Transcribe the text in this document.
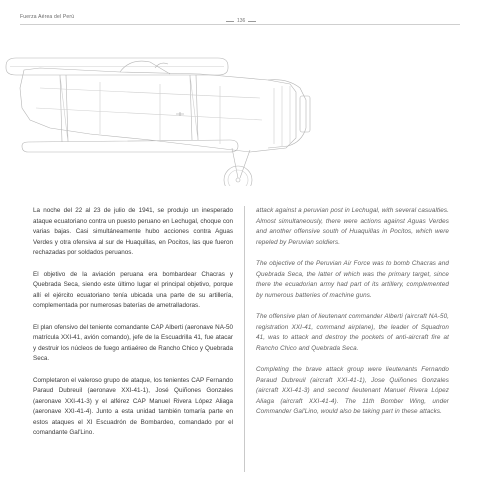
Fuerza Aérea del Perú
136

La noche del 22 al 23 de julio de 1941, se produjo un inesperado ataque ecuatoriano contra un puesto peruano en Lechugal, choque con varias bajas. Casi simultáneamente hubo acciones contra Aguas Verdes y otra ofensiva al sur de Huaquillas, en Pocitos, las que fueron rechazadas por soldados peruanos.

El objetivo de la aviación peruana era bombardear Chacras y Quebrada Seca, siendo este último lugar el principal objetivo, porque allí el ejército ecuatoriano tenía ubicada una parte de su artillería, complementada por numerosas baterías de ametralladoras.

El plan ofensivo del teniente comandante CAP Alberti (aeronave NA-50 matrícula XXI-41, avión comando), jefe de la Escuadrilla 41, fue atacar y destruir los núcleos de fuego antiaéreo de Rancho Chico y Quebrada Seca.

Completaron el valeroso grupo de ataque, los tenientes CAP Fernando Paraud Dubreuil (aeronave XXI-41-1), José Quiñones Gonzales (aeronave XXI-41-3) y el alférez CAP Manuel Rivera López Aliaga (aeronave XXI-41-4). Junto a esta unidad también tomaría parte en estos ataques el XI Escuadrón de Bombardeo, comandado por el comandante Gal'Lino.

attack against a peruvian post in Lechugal, with several casualties. Almost simultaneously, there were actions against Aguas Verdes and another offensive south of Huaquillas in Pocitos, which were repeled by Peruvian soldiers.

The objective of the Peruvian Air Force was to bomb Chacras and Quebrada Seca, the latter of which was the primary target, since there the ecuadorian army had part of its artillery, complemented by numerous batteries of machine guns.

The offensive plan of lieutenant commander Alberti (aircraft NA-50, registration XXI-41, command airplane), the leader of Squadron 41, was to attack and destroy the pockets of anti-aircraft fire at Rancho Chico and Quebrada Seca.

Completing the brave attack group were lieutenants Fernando Paraud Dubreuil (aircraft XXI-41-1), Jose Quiñones Gonzales (aircraft XXI-41-3) and second lieutenant Manuel Rivera López Aliaga (aircraft XXI-41-4). The 11th Bomber Wing, under Commander Gal'Lino, would also be taking part in these attacks.
